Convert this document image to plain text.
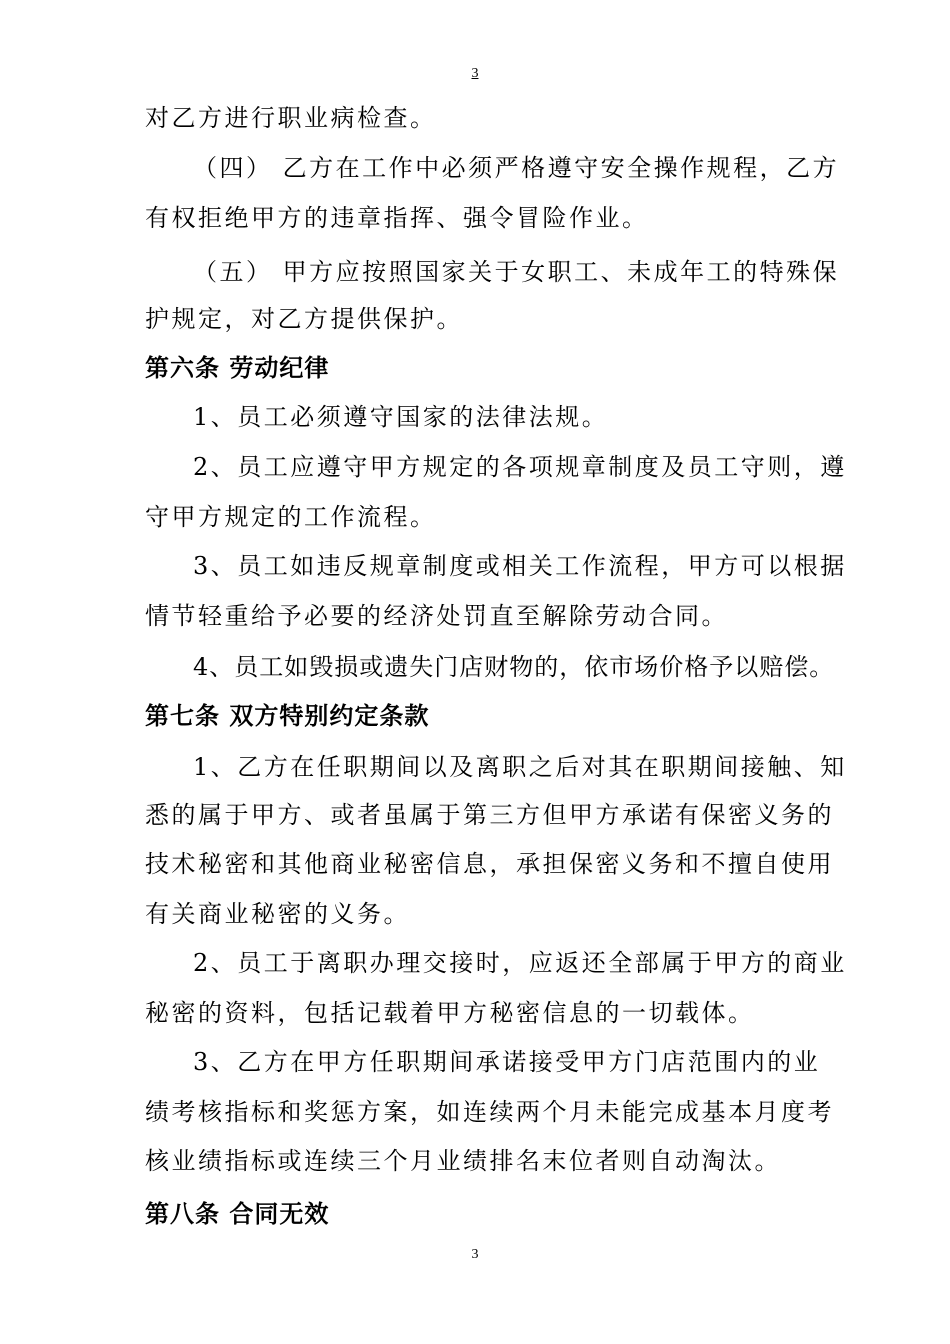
3
对乙方进行职业病检查。
（四） 乙方在工作中必须严格遵守安全操作规程，乙方
有权拒绝甲方的违章指挥、强令冒险作业。
（五） 甲方应按照国家关于女职工、未成年工的特殊保
护规定，对乙方提供保护。
第六条 劳动纪律
1、员工必须遵守国家的法律法规。
2、员工应遵守甲方规定的各项规章制度及员工守则，遵
守甲方规定的工作流程。
3、员工如违反规章制度或相关工作流程，甲方可以根据
情节轻重给予必要的经济处罚直至解除劳动合同。
4、员工如毁损或遗失门店财物的，依市场价格予以赔偿。
第七条 双方特别约定条款
1、乙方在任职期间以及离职之后对其在职期间接触、知
悉的属于甲方、或者虽属于第三方但甲方承诺有保密义务的
技术秘密和其他商业秘密信息，承担保密义务和不擅自使用
有关商业秘密的义务。
2、员工于离职办理交接时，应返还全部属于甲方的商业
秘密的资料，包括记载着甲方秘密信息的一切载体。
3、乙方在甲方任职期间承诺接受甲方门店范围内的业
绩考核指标和奖惩方案，如连续两个月未能完成基本月度考
核业绩指标或连续三个月业绩排名末位者则自动淘汰。
第八条 合同无效
3
